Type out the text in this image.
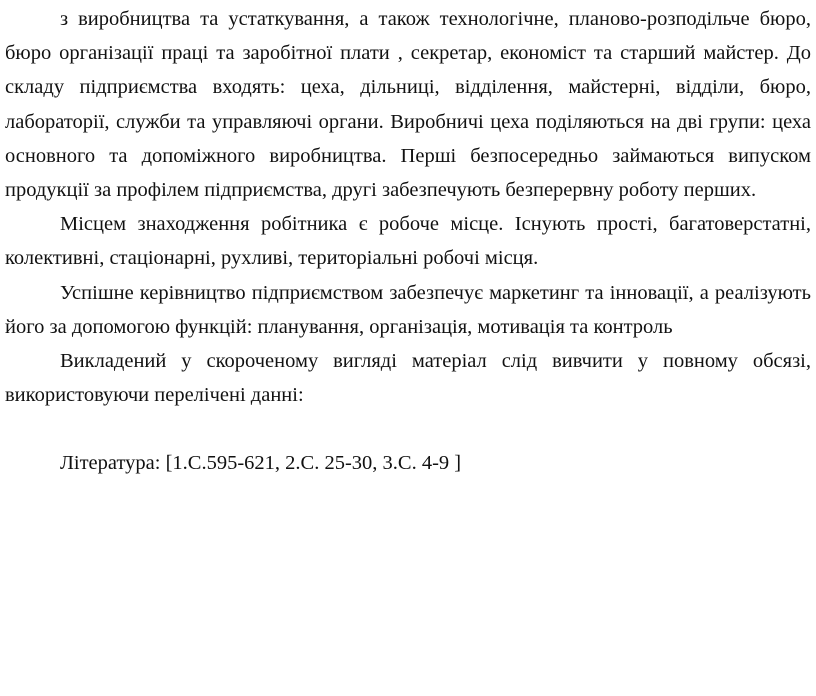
з виробництва та устаткування, а також технологічне, планово-розподільче бюро, бюро організації праці та заробітної плати , секретар, економіст та старший майстер. До складу підприємства входять: цеха, дільниці, відділення, майстерні, відділи, бюро, лабораторії, служби та управляючі органи. Виробничі цеха поділяються на дві групи: цеха основного та допоміжного виробництва. Перші безпосередньо займаються випуском продукції за профілем підприємства, другі забезпечують безперервну роботу перших.

Місцем знаходження робітника є робоче місце. Існують прості, багатоверстатні, колективні, стаціонарні, рухливі, територіальні робочі місця.

Успішне керівництво підприємством забезпечує маркетинг та інновації, а реалізують його за допомогою функцій: планування, організація, мотивація та контроль

Викладений у скороченому вигляді матеріал слід вивчити у повному обсязі, використовуючи перелічені данні:

Література: [1.С.595-621, 2.С. 25-30, 3.С. 4-9 ]
